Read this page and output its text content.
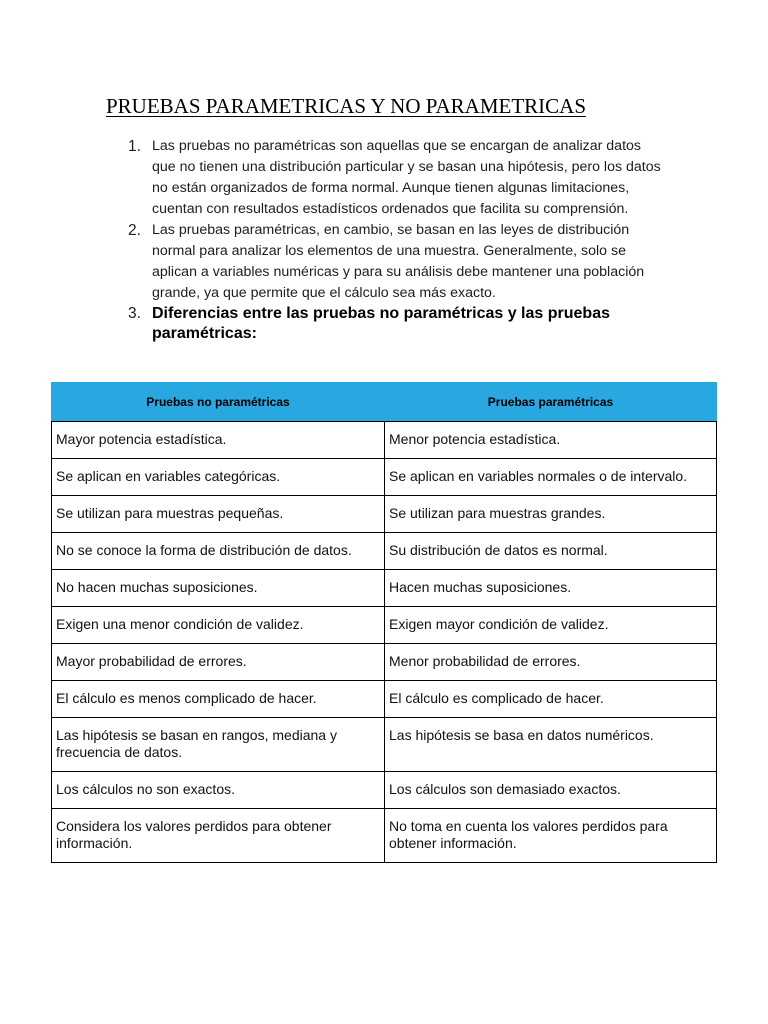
PRUEBAS PARAMETRICAS Y NO PARAMETRICAS
1. Las pruebas no paramétricas son aquellas que se encargan de analizar datos que no tienen una distribución particular y se basan una hipótesis, pero los datos no están organizados de forma normal. Aunque tienen algunas limitaciones, cuentan con resultados estadísticos ordenados que facilita su comprensión.
2. Las pruebas paramétricas, en cambio, se basan en las leyes de distribución normal para analizar los elementos de una muestra. Generalmente, solo se aplican a variables numéricas y para su análisis debe mantener una población grande, ya que permite que el cálculo sea más exacto.
3. Diferencias entre las pruebas no paramétricas y las pruebas paramétricas:
Pruebas no paramétricas	Pruebas paramétricas
Mayor potencia estadística.	Menor potencia estadística.
Se aplican en variables categóricas.	Se aplican en variables normales o de intervalo.
Se utilizan para muestras pequeñas.	Se utilizan para muestras grandes.
No se conoce la forma de distribución de datos.	Su distribución de datos es normal.
No hacen muchas suposiciones.	Hacen muchas suposiciones.
Exigen una menor condición de validez.	Exigen mayor condición de validez.
Mayor probabilidad de errores.	Menor probabilidad de errores.
El cálculo es menos complicado de hacer.	El cálculo es complicado de hacer.
Las hipótesis se basan en rangos, mediana y frecuencia de datos.	Las hipótesis se basa en datos numéricos.
Los cálculos no son exactos.	Los cálculos son demasiado exactos.
Considera los valores perdidos para obtener información.	No toma en cuenta los valores perdidos para obtener información.
